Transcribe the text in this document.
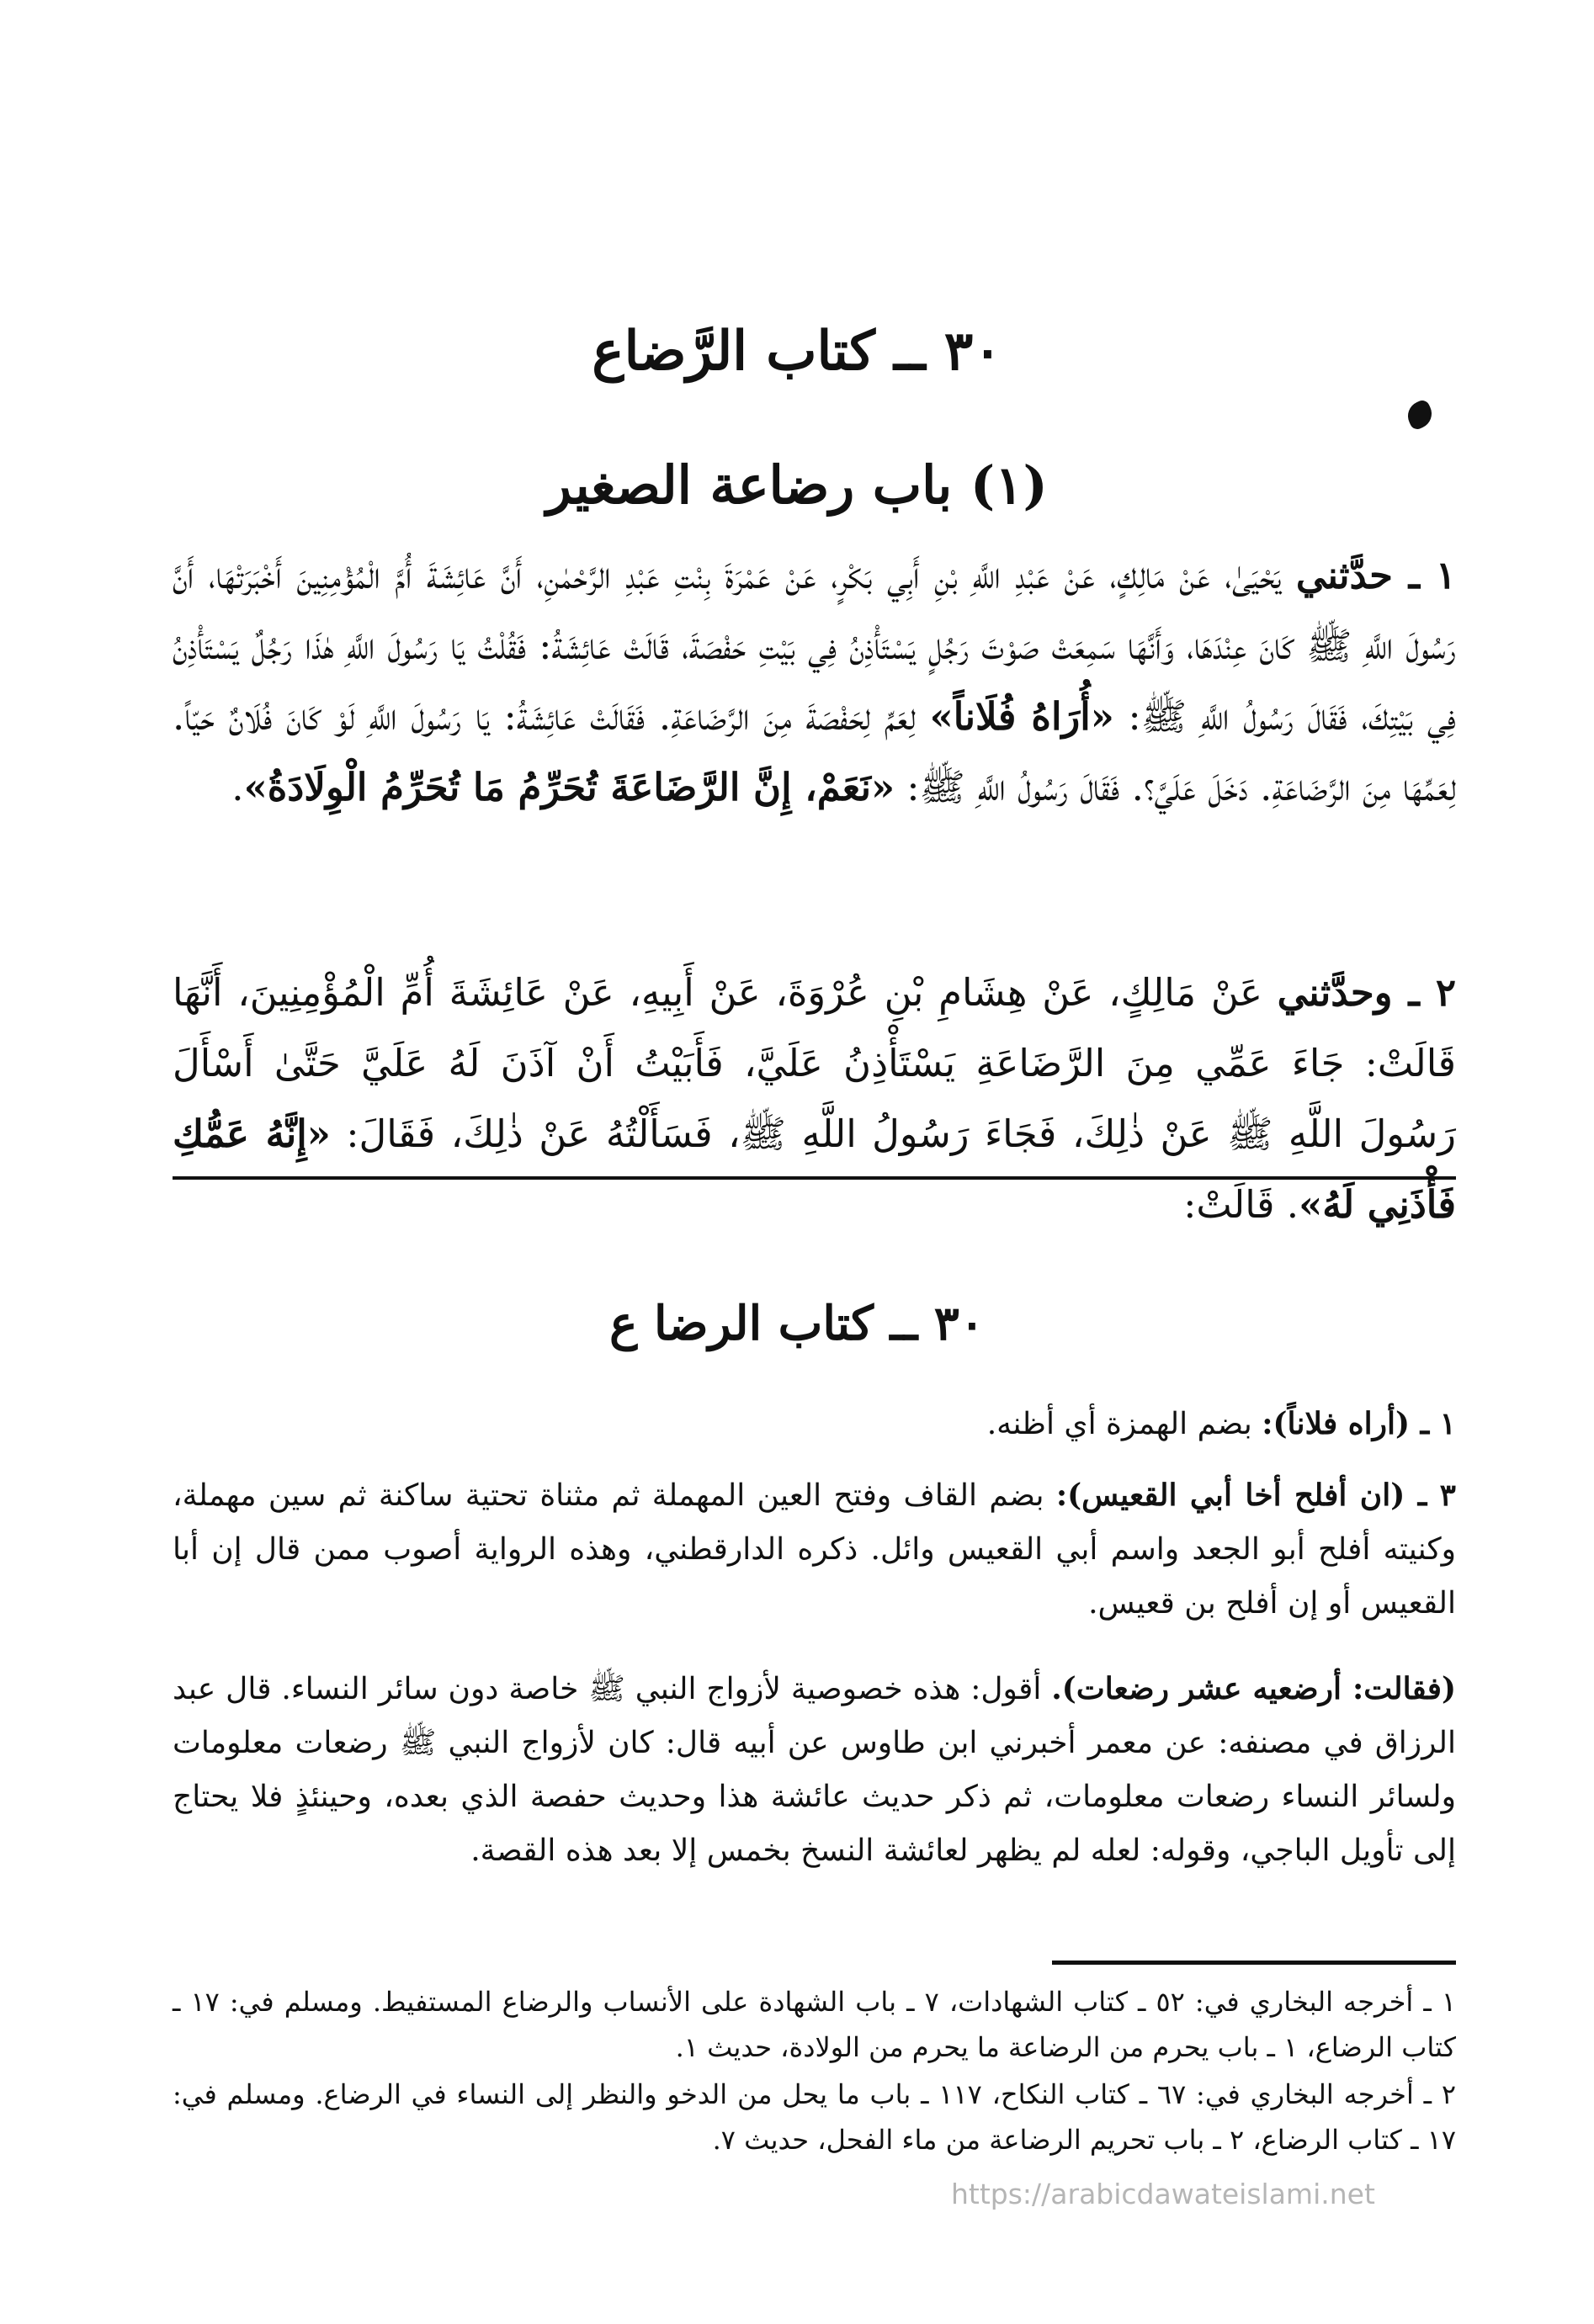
٣٠ ــ كتاب الرَّضاع
(١) باب رضاعة الصغير

١ ـ حدَّثني يَحْيَىٰ، عَنْ مَالِكٍ، عَنْ عَبْدِ اللَّهِ بْنِ أَبِي بَكْرٍ، عَنْ عَمْرَةَ بِنْتِ عَبْدِ الرَّحْمٰنِ، أَنَّ عَائِشَةَ أُمَّ الْمُؤْمِنِينَ أَخْبَرَتْهَا، أَنَّ رَسُولَ اللَّهِ ﷺ كَانَ عِنْدَهَا، وَأَنَّهَا سَمِعَتْ صَوْتَ رَجُلٍ يَسْتَأْذِنُ فِي بَيْتِ حَفْصَةَ، قَالَتْ عَائِشَةُ: فَقُلْتُ يَا رَسُولَ اللَّهِ هٰذَا رَجُلٌ يَسْتَأْذِنُ فِي بَيْتِكَ، فَقَالَ رَسُولُ اللَّهِ ﷺ: «أُرَاهُ فُلَاناً» لِعَمِّ لِحَفْصَةَ مِنَ الرَّضَاعَةِ. فَقَالَتْ عَائِشَةُ: يَا رَسُولَ اللَّهِ لَوْ كَانَ فُلَانٌ حَيّاً. لِعَمِّهَا مِنَ الرَّضَاعَةِ. دَخَلَ عَلَيَّ؟. فَقَالَ رَسُولُ اللَّهِ ﷺ: «نَعَمْ، إِنَّ الرَّضَاعَةَ تُحَرِّمُ مَا تُحَرِّمُ الْوِلَادَةُ».

٢ ـ وحدَّثني عَنْ مَالِكٍ، عَنْ هِشَامِ بْنِ عُرْوَةَ، عَنْ أَبِيهِ، عَنْ عَائِشَةَ أُمِّ الْمُؤْمِنِينَ، أَنَّهَا قَالَتْ: جَاءَ عَمِّي مِنَ الرَّضَاعَةِ يَسْتَأْذِنُ عَلَيَّ، فَأَبَيْتُ أَنْ آذَنَ لَهُ عَلَيَّ حَتَّىٰ أَسْأَلَ رَسُولَ اللَّهِ ﷺ عَنْ ذٰلِكَ، فَجَاءَ رَسُولُ اللَّهِ ﷺ، فَسَأَلْتُهُ عَنْ ذٰلِكَ، فَقَالَ: «إِنَّهُ عَمُّكِ فَأْذَنِي لَهُ». قَالَتْ:

٣٠ ــ كتاب الرضا ع

١ ـ (أراه فلاناً): بضم الهمزة أي أظنه.

٣ ـ (ان أفلح أخا أبي القعيس): بضم القاف وفتح العين المهملة ثم مثناة تحتية ساكنة ثم سين مهملة، وكنيته أفلح أبو الجعد واسم أبي القعيس وائل. ذكره الدارقطني، وهذه الرواية أصوب ممن قال إن أبا القعيس أو إن أفلح بن قعيس.

(فقالت: أرضعيه عشر رضعات). أقول: هذه خصوصية لأزواج النبي ﷺ خاصة دون سائر النساء. قال عبد الرزاق في مصنفه: عن معمر أخبرني ابن طاوس عن أبيه قال: كان لأزواج النبي ﷺ رضعات معلومات ولسائر النساء رضعات معلومات، ثم ذكر حديث عائشة هذا وحديث حفصة الذي بعده، وحينئذٍ فلا يحتاج إلى تأويل الباجي، وقوله: لعله لم يظهر لعائشة النسخ بخمس إلا بعد هذه القصة.

١ ـ أخرجه البخاري في: ٥٢ ـ كتاب الشهادات، ٧ ـ باب الشهادة على الأنساب والرضاع المستفيط. ومسلم في: ١٧ ـ كتاب الرضاع، ١ ـ باب يحرم من الرضاعة ما يحرم من الولادة، حديث ١.

٢ ـ أخرجه البخاري في: ٦٧ ـ كتاب النكاح، ١١٧ ـ باب ما يحل من الدخو والنظر إلى النساء في الرضاع. ومسلم في: ١٧ ـ كتاب الرضاع، ٢ ـ باب تحريم الرضاعة من ماء الفحل، حديث ٧.

https://arabicdawateislami.net
